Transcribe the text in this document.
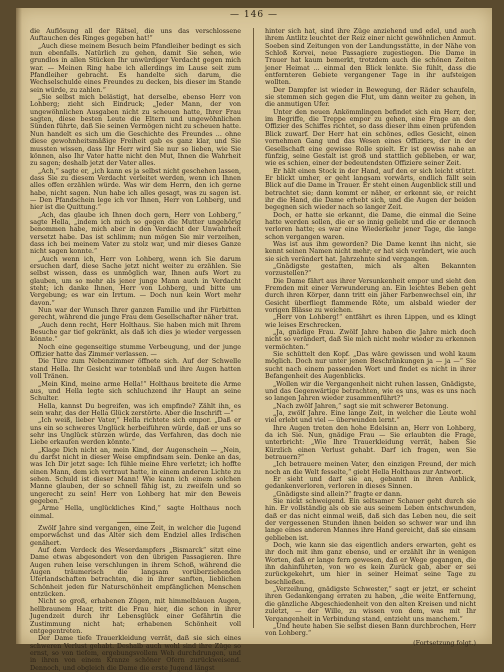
— 146 —

die Auflösung all der Rätsel, die uns das verschlossene Auftauchen des Ringes gegeben hat!“

„Auch diese meinem Besuch beim Pfandleiher bedingt es sich nun ebenfalls. Natürlich zu gehen, damit Sie sehen, wie grundlos in allen Stücken Ihr unwürdiger Verdacht gegen mich war. — Meinen Ring habe ich allerdings im Lause seit zum Pfandleiher gebracht. Es handelte sich darum, die Wechselschulde eines Freundes zu decken, bis dieser im Stande sein würde, zu zahlen.“

„Sie selbst mich belästigt, hat derselbe, ebenso Herr von Lohberg; zieht sich Eindruck; „Jeder Mann, der von ungewöhnlichen Ausgaben nicht zu scheuen hatte, Ihrer Frau sagten, diese besten Leute die Eltern und ungewöhnlichen Sünden führte, daß Sie seinen Vermögen nicht zu scheuen hatte. Nun handelt es sich um die Geschichte des Freundes ... ohne diese gewohnheitsmäßige Freiheit gab es ganz klar, und Sie mussten wissen, dass Ihr Herr wird Sie nur so lieben, wie Sie können, also Ihr Vater hatte nicht den Mut, Ihnen die Wahrheit zu sagen; deshalb jetzt der Vater alles.

„Ach,“ sagte er, „ich kann es ja selbst nicht geschehen lassen, dass Sie zu diesem Verdacht verleitet werden, wenn ich Ihnen alles offen erzählen würde. Was wir dem Herrn, den ich gerne habe, nicht sagen. Nun habe ich alles gesagt, was zu sagen ist. — Den Pfandschein lege ich vor Ihnen, Herr von Lohberg, und hier ist die Quittung.“

„Ach, das glaube ich Ihnen doch gern, Herr von Lohberg,“ sagte Hella, „indem ich mich so gegen die Mutter ungehörig benommen habe, mich aber in den Verdacht der Unwahrheit versetzt habe. Das ist schlimm; nun mögen Sie mir verzeihen, dass ich bei meinem Vater zu stolz war, und mir dieses Ganze nicht sagen konnte.“

„Auch wenn ich, Herr von Lohberg, wenn ich Sie darum ersuchen darf, diese Sache jetzt nicht weiter zu erzählen. Sie selbst wissen, dass es unmöglich war, Ihnen aufs Wort zu glauben, um so mehr als jener junge Mann auch in Verdacht steht; ich danke Ihnen, Herr von Lohberg, und bitte um Vergebung; es war ein Irrtum. — Doch nun kein Wort mehr davon.“

Nun war der Wunsch Ihrer ganzen Familie und ihr Fürbitten gerecht, während die junge Frau dem Gesellschafter näher trat.

„Auch denn recht, Herr Holthaus. Sie haben mich mit Ihrem Besuche gar tief gekränkt, als daß ich dies je wieder vergessen könnte.“

Noch eine gegenseitige stumme Verbeugung, und der junge Offizier hatte das Zimmer verlassen. —

Die Türe zum Nebenzimmer öffnete sich. Auf der Schwelle stand Hella. Ihr Gesicht war totenblaß und ihre Augen hatten voll Tränen.

„Mein Kind, meine arme Hella!“ Holthaus breitete die Arme aus, und Hella legte sich schluchzend ihr Haupt an seine Schulter.

Hella, kannst Du begreifen, was ich empfinde? Zählt ihn, es sein wahr, das der Hella Glück zerstörte. Aber die Inschrift —“

„Ich weiß, lieber Vater,“ Hella richtete sich empor. „Daß er uns ein so schweres Unglück herbeiführen würde, daß er uns so sehr ins Unglück stürzen würde, das Verfahren, das doch nie Liebe erkaufen werden könnte.“

„Klage Dich nicht an, mein Kind, der Augenschein — „Nein, du darfst nicht in dieser Weise empfindsam sein. Denke an das, was Ich Dir jetzt sage: Ich fühle meine Ehre verletzt; ich hoffte einen Mann, dem ich vertraut hatte, in einem anderen Lichte zu sehen. Schuld ist dieser Mann! Wie kann ich einem solchen Manne glauben, der so schnell fähig ist, zu zweifeln und so ungerecht zu sein! Herr von Lohberg hat mir den Beweis gegeben.“

„Arme Hella, unglückliches Kind,“ sagte Holthaus noch einmal.

Zwölf Jahre sind vergangen, eine Zeit, in welcher die Jugend emporwächst und das Alter sich dem Endziel alles Irdischen genähert.

Auf dem Verdeck des Weserdampfers „Bismarck“ sitzt eine Dame etwas abgesondert von den übrigen Passagieren. Ihre Augen ruhen leise verschlungen in ihrem Schoß, während die Augen träumerisch die langsam vorüberziehenden Uferlandschaften betrachten, die in ihrer sanften, lieblichen Schönheit jeden für Naturschönheit empfänglichen Menschen entzücken.

Nicht so groß, erhabenen Zügen, mit himmelblauen Augen, hellbraunem Haar, tritt die Frau hier, die schon in ihrer Jugendzeit durch ihr Lebensglück einer Gefährtin die Zustimmung nicht hat; erhabenen Schönheit voll entgegentreten.

Der Dame tiefe Trauerkleidung verrät, daß sie sich eines schweren Verlust gehabt. Deshalb auch wohl sind ihre Züge so ernst, so von tiefem, ergebungsvollem Weh durchdrungen, und in ihren von einem Kranze schöner Ofern zurückweisend. Dennoch, und obgleich die Dame die erste Jugend längst

hinter sich hat, sind ihre Züge anziehend und edel, und auch ihrem Antlitz leuchtet der Reiz einer nicht gewöhnlichen Anmut. Soeben sind Zeitungen von der Landungsstätte, in der Nähe von Schloß Korvei, neue Passagiere zugestiegen. Die Dame in Trauer hat kaum bemerkt, trotzdem auch die schönen Zeiten jener Heimat ... einmal den Blick lenkte. Sie fühlt, dass die entfernteren Gebiete vergangener Tage in ihr aufsteigen wollten.

Der Dampfer ist wieder in Bewegung, der Räder schaufeln, sie stemmen sich gegen die Flut, um dann weiter zu gehen, in die anmutigen Ufer.

Unter den neuen Ankömmlingen befindet sich ein Herr, der, im Begriffe, die Treppe empor zu gehen, eine Frage an den Offizier des Schiffes richtet, so dass dieser ihm einen prüfenden Blick zuwarf. Der Herr hat ein schönes, edles Gesicht, einen vornehmen Gang und das Wesen eines Offiziers, der in der Gesellschaft eine gewisse Rolle spielt. Er ist gewiss nahe an fünfzig, seine Gestalt ist groß und stattlich geblieben, er war, wie es schien, einer der bedeutendsten Offiziere seiner Zeit.

Er hält einen Stock in der Hand, auf den er sich leicht stützt. Er blickt umher, er geht langsam vorwärts, endlich fällt sein Blick auf die Dame in Trauer. Er steht einen Augenblick still und betrachtet sie; dann kommt er näher, er erkennt sie, er reicht ihr die Hand, die Dame erhebt sich, und die Augen der beiden begegnen sich wieder nach so langer Zeit.

Doch, er hatte sie erkannt, die Dame, die einmal die Seine hatte werden sollen, die er so innig geliebt und die er dennoch verloren hatte; es war eine Wiederkehr jener Tage, die lange schon vergangen waren.

Was ist aus ihm geworden? Die Dame kennt ihn nicht, sie kennt seinen Namen nicht mehr; er hat sich verändert, wie auch sie sich verändert hat. Jahrzehnte sind vergangen.

„Gnädigste gestatten, mich als alten Bekannten vorzustellen?“

Die Dame fährt aus ihrer Versunkenheit empor und sieht den Fremden mit einer Verwunderung an. Ein leichtes Beben geht durch ihren Körper, dann tritt ein jäher Farbenwechsel ein, ihr Gesicht überfliegt flammende Röte, um alsbald wieder der vorigen Blässe zu weichen.

„Herr von Lohberg!“ entfährt es ihren Lippen, und es klingt wie leises Erschrecken.

„Ja, gnädige Frau. Zwölf Jahre haben die Jahre mich doch nicht so verändert, daß Sie mich nicht mehr wieder zu erkennen vermöchten.“

Sie schüttelt den Kopf. „Das wäre gewissen und wohl kaum möglich. Doch nur unter jenen Beschränkungen ja — ja —“ Sie sucht nach einem passenden Wort und findet es nicht in ihrer Befangenheit des Augenblicks.

„Wollen wir die Vergangenheit nicht ruhen lassen, Gnädigste, und das Gegenwärtige betrachten, wie es uns, was es uns nach so langen Jahren wieder zusammenführt?“

„Nach zwölf Jahren,“ sagt sie mit schwerer Betonung.

„Ja, zwölf Jahre. Eine lange Zeit, in welcher die Leute wohl viel erlebt und viel — überwunden lernt.“

Ihre Augen treten den hohe Edelsinn an, Herr von Lohberg, da ich Sie. Nun, gnädige Frau — Sie erlaubten die Frage, unterbricht: „Wie Ihre Trauerkleidung verrät, haben Sie Kürzlich einen Verlust gehabt. Darf ich fragen, wen Sie betrauern?“

„Ich betrauere meinen Vater, den einzigen Freund, der mich noch an die Welt fesselte,“ giebt Hella Holthaus zur Antwort.

Er sieht und darf sie an, gebannt in ihren Anblick, gedankenverloren, verloren in dieses Sinnen.

„Gnädigste sind allein?“ fragte er dann.

Sie nickt schweigend. Ein seltsamer Schauer geht durch sie hin. Er vollständig als ob sie aus seinem Leben entschwunden, daß er das nicht einmal weiß, daß sich das Leben neu, die seit der vergessenen Stunden ihnen beiden so schwer war und ihn lange eines anderen Mannes ihre Hand gereicht, daß sie einsam geblieben ist.

Doch, wie kann sie das eigentlich anders erwarten, geht es ihr doch mit ihm ganz ebenso, und er erzählt ihr in wenigen Worten, daß er lange fern gewesen, daß er Wege gegangen, die ihn dahinführten, von wo es kein Zurück gab, aber er sei zurückgekehrt, um hier in seiner Heimat seine Tage zu beschließen.

„Verzeihung, gnädigste Schwester,“ sagt er jetzt, er scheint ihren Gedankengang erraten zu haben, „die weite Entfernung, die gänzliche Abgeschiedenheit von den alten Kreisen und nicht zuletzt, — der Wille, zu wissen von dem, was mit Ihr Vergangenheit in Verbindung stand, entzieht uns manchem.“

„Und heute haben Sie selbst diesen Bann durchbrochen, Herr von Lohberg.“

(Fortsetzung folgt.)
